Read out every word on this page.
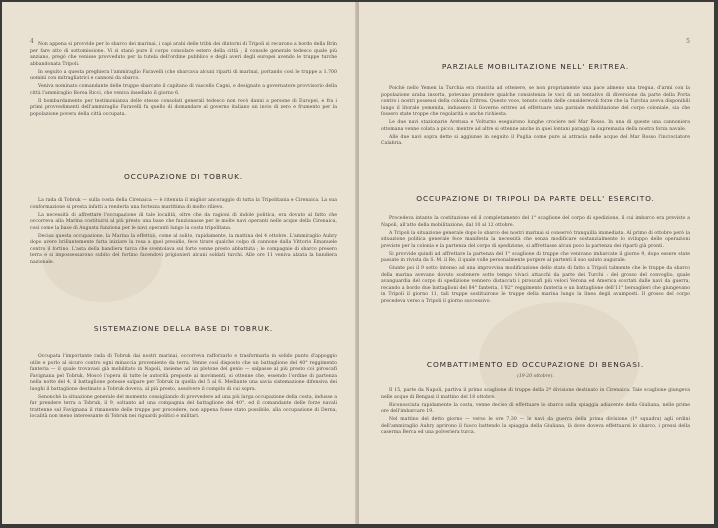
4 Non appena si provvide per lo sbarco dei marinai, i capi arabi delle tribù dei dintorni di Tripoli si recarono a bordo della Brin per fare atto di sottomissione. Vi si stanò pure il corpo consolare estero della città ; il console generale tedesco quale più anziano, pregò che venisse provveduto per la tutela dell'ordine pubblico e degli averi degli europei avendo le truppe turche abbandonata Tripoli.

In seguito a questa preghiera l'ammiraglio Faravelli (che sbarcava alcuni riparti di marinai, portando così le truppe a 1.700 uomini con mitragliatrici e cannoni da sbarco.

Veniva nominato comandante delle truppe sbarcate il capitano di vascello Cagni, e designato a governatore provvisorio della città l'ammiraglio Borea Ricci, che veniva insediato il giorno 6.

Il bombardamento per testimonianza delle stesse consolati generali tedesco non recò danni a persone di Europei, e fra i primi provvedimenti dell'ammiraglio Faravelli fu quello di domandare al governo italiano un invio di zero e frumento per la popolazione povera della città occupata.

OCCUPAZIONE DI TOBRUK.

La rada di Tobruk — sulla costa della Cirenaica — è ritenuta il miglior ancoraggio di tutta la Tripolitania e Cirenaica. La sua conformazione si presta infatti a renderla una fortezza marittima di molto rilievo.

La necessità di affrettare l'occupazione di tale località, oltre che da ragioni di indole politica, era dovuto al fatto che occorreva alla Marina costituirsi al più presto una base che funzionasse per le molte navi operanti nelle acque della Cirenaica, così come la base di Augusta funziona per le navi operanti lungo la costa tripolitana.

Decisa questa occupazione, la Marina la effettuò, come al solito, rapidamente, la mattina del 4 ottobre. L'ammiraglio Aubry dopo avere brillantemente fatta iniziare la rosa a quel presidio, fece tirare qualche colpo di cannone dalla Vittorio Emanuele contro il fortino. L'asta della bandiera turca che sventolava sul forte venne presto abbattuta ; le compagnie di sbarco presero terra e si impossessarono subito del fortino facendovi prigionieri alcuni soldati turchi. Alle ore 11 veniva alzata la bandiera nazionale.

SISTEMAZIONE DELLA BASE DI TOBRUK.

Occupata l'importante rada di Tobruk dai nostri marinai, occorreva rafforzarlo e trasformarla in solido punto d'appoggio utile e porlo al sicuro contro ogni minaccia proveniente da terra. Venne così disposto che un battaglione del 40° reggimento fanteria — il quale trovavasi già mobilitato in Napoli, insieme ad un plotone del genio — salpasse al più presto coi piroscafi Favignana pel Tobruk, Moscò l'opera di tutte le autorità preposte ai movimenti, si ottenne che, essendo l'ordine di partenza nella notte del 4, il battaglione potesse salpare per Tobruk in quella del 5 al 6. Mediante una savia sistemazione difensiva dei luoghi il battaglione destinato a Tobruk doveva, al più presto, assolvere il compito di cui sopra.

Senonchè la situazione generale del momento consigliando di provvedere ad una più larga occupazione della costa, indusse a far prendere terra a Tobruk, il 9, soltanto ad una compagnia del battaglione del 40°, ed il comandante delle forze navali trattenne sul Favignana il rimanente delle truppe per procedere, non appena fosse stato possibile, alla occupazione di Derna, località non meno interessante di Tobruk nei riguardi politici e militari.

5
PARZIALE MOBILITAZIONE NELL' ERITREA.

Poichè nello Yemen la Turchia era riuscita ad ottenere, se non propriamente una pace almeno una tregua, d'armi con la popolazione araba insorta, potevano prendere qualche consistenza le voci di un tentativo di diversione da parte della Porta contro i nostri possessi della colonia Eritrea. Questo voce, tenuto conto delle considerevoli forze che la Turchia aveva disponibili lungo il litorale yemenita, indussero il Governo eritreo ad effettuare una parziale mobilitazione del corpo coloniale, sia che fossero state troppe che regolarità e anche richiesta.

Le due navi stazionarie Aretusa e Volturno eseguirono lunghe crociere nel Mar Rosso. In una di queste una cannoniera ottomana venne colata a picco, mentre ad altre si ottenne anche in quei lontani paraggi la supremazia della nostra forza navale.

Alle due navi sopra dette si aggiunse in seguito il Puglia come pure ai attracio nelle acque del Mar Rosso l'incrociatore Calabria.

OCCUPAZIONE DI TRIPOLI DA PARTE DELL' ESERCITO.

Procedeva intanto la costituzione ed il completamento del 1° scaglione del corpo di spedizione, il cui imbarco era previsto a Napoli, all'atto della mobilitazione, dal 10 al 12 ottobre.

A Tripoli la situazione generale dopo lo sbarco dei nostri marinai si conservò tranquilla immediata. Al primo di ottobre però la situazione politica generale fece manifesta la necessità che senza modificare sostanzialmente lo sviluppo delle operazioni previste per la colonia e la partenza del corpo di spedizione, si affrettasse alcun poco la partenza dei riparti già pronti.

Si provvide quindi ad affrettare la partenza del 1° scaglione di truppe che venivano imbarcate il giorno 9, dopo essere state passate in rivista da S. M. il Re, il quale volle personalmente porgere al partenti il suo saluto augurale.

Giunte poi il 9 sotto intenso ad una improvvisa modificazione dello stato di fatto a Tripoli talmente che le truppe da sbarco della marina avevano dovuto sostenere sotto tempo vivaci attacchi da parte dei Turchi : del grosso del convoglio, quale avanguardia del corpo di spedizione vennero distaccati i piroscafi più veloci Verona ed America scortati dalle navi da guerra, recando a bordo due battaglioni del 84° fanteria, 1'82° reggimento fanteria e un battaglione dell'11° bersaglieri che giungevano in Tripoli il giorno 11, tali truppe sostituirono le truppe della marina lungo la linea degli avamposti. Il grosso del corpo precedeva verso a Tripoli il giorno successivo.

COMBATTIMENTO ED OCCUPAZIONE DI BENGASI.
(19-20 ottobre).

Il 15, parte da Napoli, partiva il primo scaglione di truppe della 2ª divisione destinato in Cirenaica. Tale scaglione giungeva nelle acque di Bengasi il mattino del 18 ottobre.

Riconosciuta rapidamente la costa, venne deciso di effettuare lo sbarco sulla spiaggia adiacente della Giuliana, nelle prime ore dell'imbarcare 19.

Nel mattino del detto giorno — verso le ore 7,30 — le navi da guerra della prima divisione (1ª squadra) agli ordini dell'ammiraglio Aubry aprirono il fuoco battendo la spiaggia della Giuliana, là dove doveva effettuarsi lo sbarco, i pressi della caserma Berca ed una polveriera turca.
